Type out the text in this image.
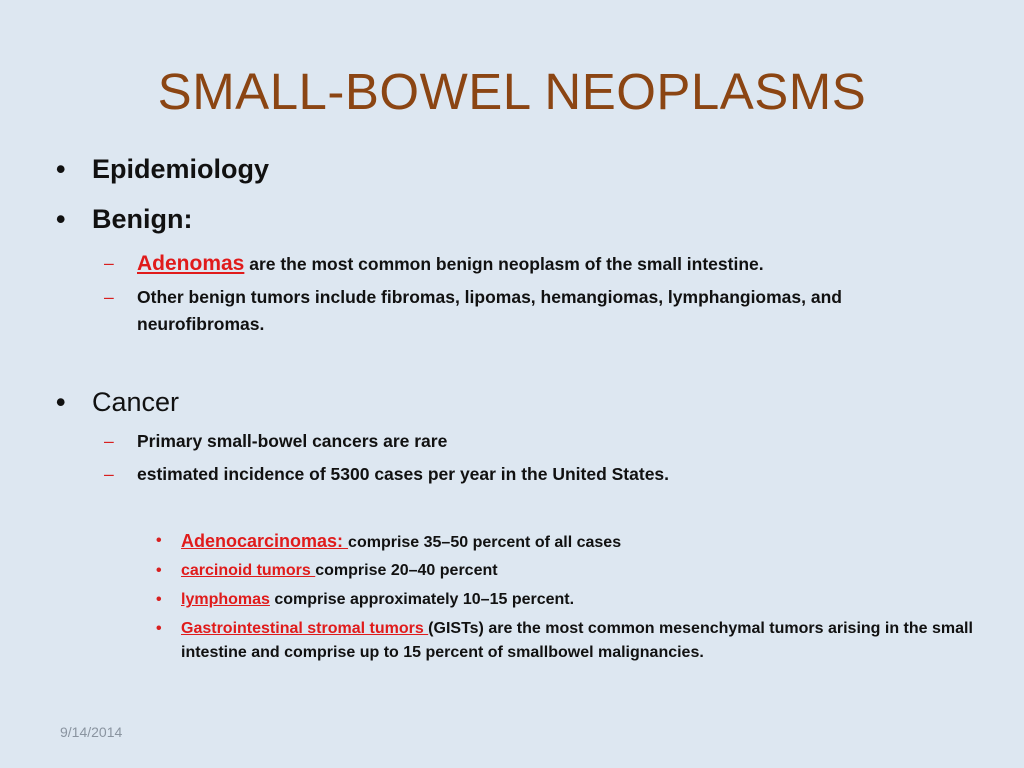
SMALL-BOWEL NEOPLASMS
• Epidemiology
• Benign:
–	Adenomas are the most common benign neoplasm of the small intestine.
–	Other benign tumors include fibromas, lipomas, hemangiomas, lymphangiomas, and neurofibromas.
• Cancer
–	Primary small-bowel cancers are rare
–	estimated incidence of 5300 cases per year in the United States.
•	Adenocarcinomas: comprise 35–50 percent of all cases
•	carcinoid tumors comprise 20–40 percent
•	lymphomas comprise approximately 10–15 percent.
•	Gastrointestinal stromal tumors (GISTs) are the most common mesenchymal tumors arising in the small intestine and comprise up to 15 percent of smallbowel malignancies.
9/14/2014
